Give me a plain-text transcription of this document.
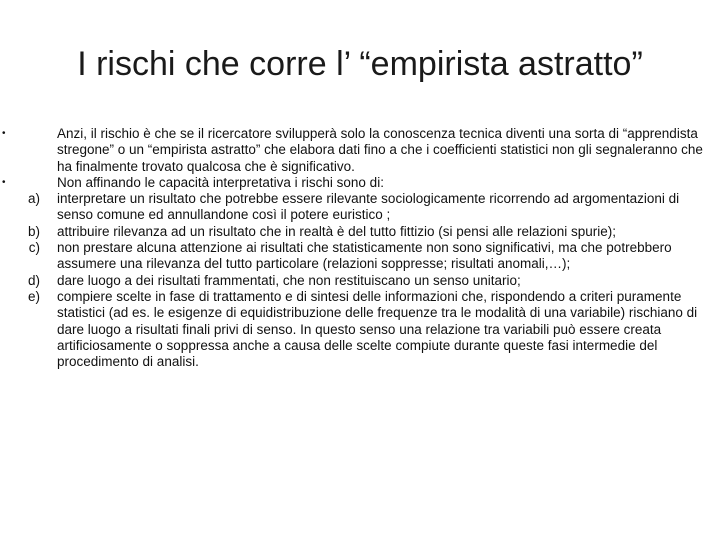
I rischi che corre l’ “empirista astratto”

•	Anzi, il rischio è che se il ricercatore svilupperà solo la conoscenza tecnica diventi una sorta di “apprendista stregone” o un “empirista astratto” che elabora dati fino a che i coefficienti statistici non gli segnaleranno che ha finalmente trovato qualcosa che è significativo.

•	Non affinando le capacità interpretativa i rischi sono di:

a) interpretare un risultato che potrebbe essere rilevante sociologicamente ricorrendo ad argomentazioni di senso comune ed annullandone così il potere euristico ;

b) attribuire rilevanza ad un risultato che in realtà è del tutto fittizio (si pensi alle relazioni spurie);

c) non prestare alcuna attenzione ai risultati che statisticamente non sono significativi, ma che potrebbero assumere una rilevanza del tutto particolare (relazioni soppresse; risultati anomali,…);

d) dare luogo a dei risultati frammentati, che non restituiscano un senso unitario;

e) compiere scelte in fase di trattamento e di sintesi delle informazioni che, rispondendo a criteri puramente statistici (ad es. le esigenze di equidistribuzione delle frequenze tra le modalità di una variabile) rischiano di dare luogo a risultati finali privi di senso. In questo senso una relazione tra variabili può essere creata artificiosamente o soppressa anche a causa delle scelte compiute durante queste fasi intermedie del procedimento di analisi.
